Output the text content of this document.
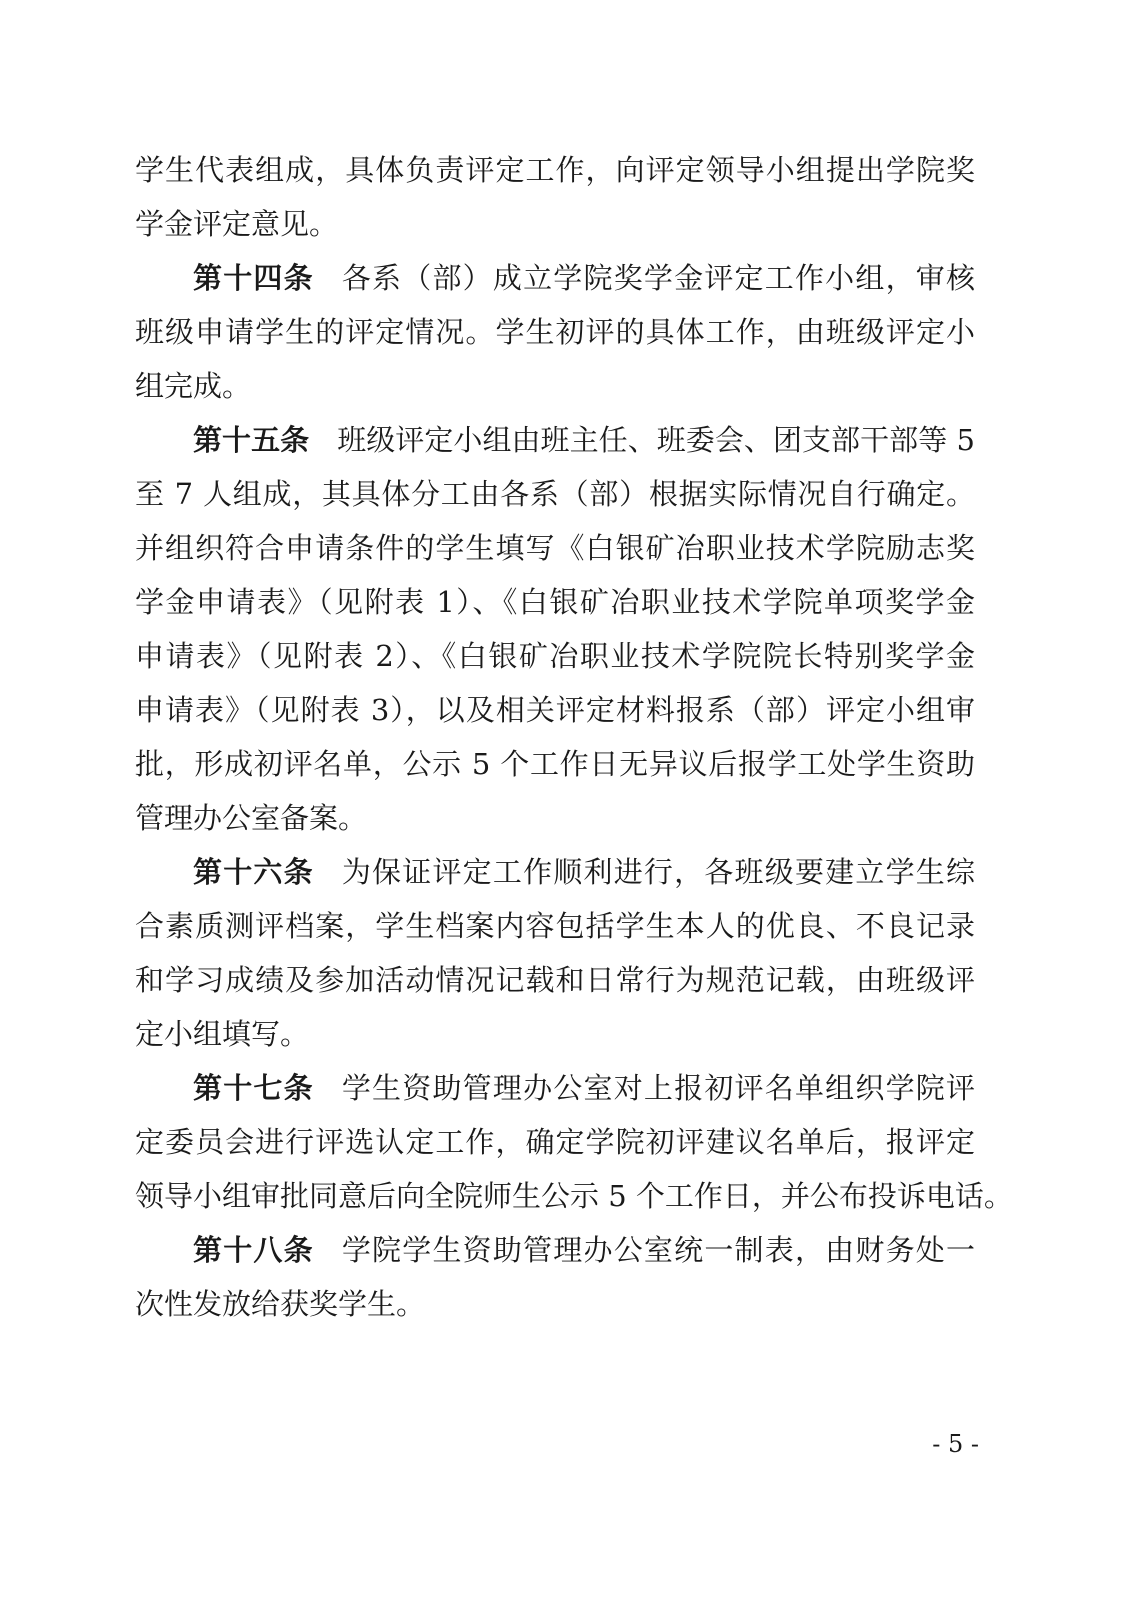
学生代表组成，具体负责评定工作，向评定领导小组提出学院奖
学金评定意见。
第十四条 各系（部）成立学院奖学金评定工作小组，审核
班级申请学生的评定情况。学生初评的具体工作，由班级评定小
组完成。
第十五条 班级评定小组由班主任、班委会、团支部干部等 5
至 7 人组成，其具体分工由各系（部）根据实际情况自行确定。
并组织符合申请条件的学生填写《白银矿冶职业技术学院励志奖
学金申请表》（见附表 1）、《白银矿冶职业技术学院单项奖学金
申请表》（见附表 2）、《白银矿冶职业技术学院院长特别奖学金
申请表》（见附表 3），以及相关评定材料报系（部）评定小组审
批，形成初评名单，公示 5 个工作日无异议后报学工处学生资助
管理办公室备案。
第十六条 为保证评定工作顺利进行，各班级要建立学生综
合素质测评档案，学生档案内容包括学生本人的优良、不良记录
和学习成绩及参加活动情况记载和日常行为规范记载，由班级评
定小组填写。
第十七条 学生资助管理办公室对上报初评名单组织学院评
定委员会进行评选认定工作，确定学院初评建议名单后，报评定
领导小组审批同意后向全院师生公示 5 个工作日，并公布投诉电话。
第十八条 学院学生资助管理办公室统一制表，由财务处一
次性发放给获奖学生。
- 5 -
